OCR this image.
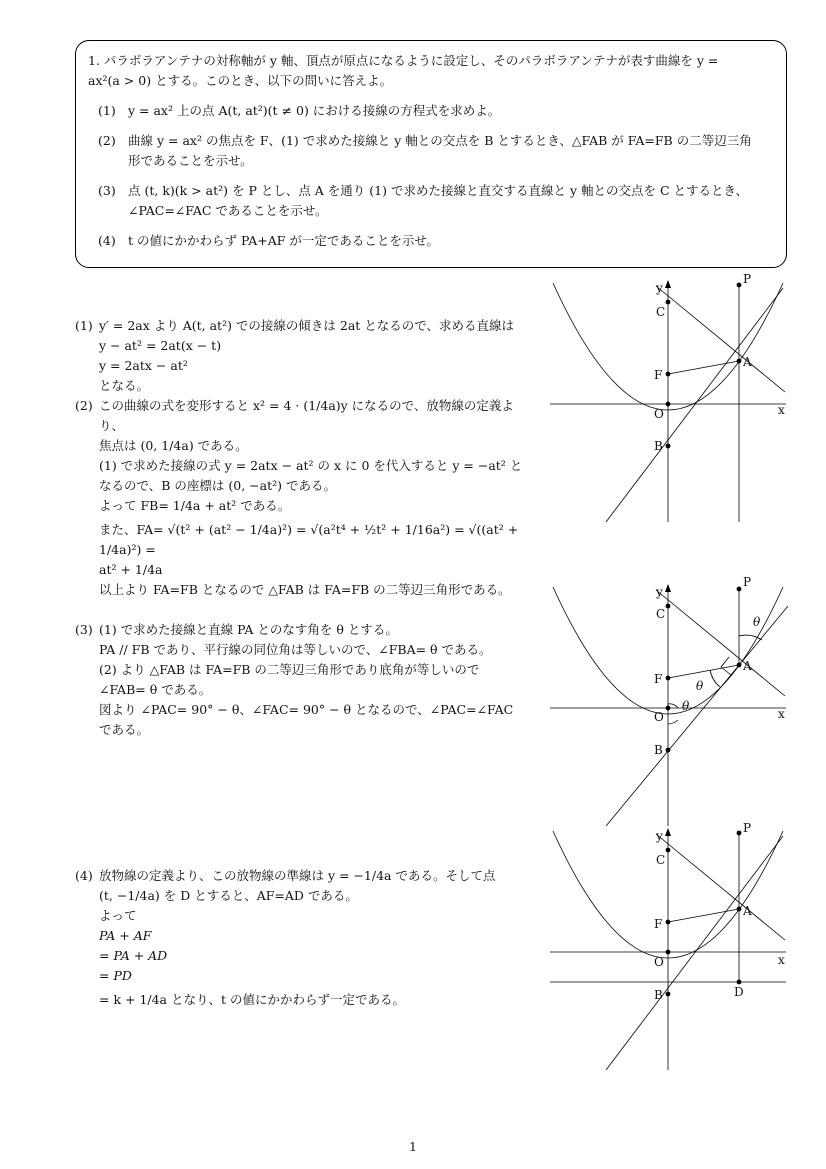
1. パラボラアンテナの対称軸が y 軸、頂点が原点になるように設定し、そのパラボラアンテナが表す曲線を y =
ax²(a > 0) とする。このとき、以下の問いに答えよ。
(1) y = ax² 上の点 A(t, at²)(t ≠ 0) における接線の方程式を求めよ。
(2) 曲線 y = ax² の焦点を F、(1) で求めた接線と y 軸との交点を B とするとき、△FAB が FA=FB の二等辺三角
形であることを示せ。
(3) 点 (t, k)(k > at²) を P とし、点 A を通り (1) で求めた接線と直交する直線と y 軸との交点を C とするとき、
∠PAC=∠FAC であることを示せ。
(4) t の値にかかわらず PA+AF が一定であることを示せ。
(1) y′ = 2ax より A(t, at²) での接線の傾きは 2at となるので、求める直線は
y − at² = 2at(x − t)
y = 2atx − at²
となる。
(2) この曲線の式を変形すると x² = 4 · (1/4a)y になるので、放物線の定義より、
焦点は (0, 1/4a) である。
(1) で求めた接線の式 y = 2atx − at² の x に 0 を代入すると y = −at² と
なるので、B の座標は (0, −at²) である。
よって FB= 1/4a + at² である。
また、FA= √(t² + (at² − 1/4a)²) = √(a²t⁴ + ½t² + 1/16a²) = √((at² + 1/4a)²) =
at² + 1/4a
以上より FA=FB となるので △FAB は FA=FB の二等辺三角形である。
(3) (1) で求めた接線と直線 PA とのなす角を θ とする。
PA // FB であり、平行線の同位角は等しいので、∠FBA= θ である。
(2) より △FAB は FA=FB の二等辺三角形であり底角が等しいので
∠FAB= θ である。
図より ∠PAC= 90° − θ、∠FAC= 90° − θ となるので、∠PAC=∠FAC
である。
(4) 放物線の定義より、この放物線の準線は y = −1/4a である。そして点
(t, −1/4a) を D とすると、AF=AD である。
よって
PA + AF
= PA + AD
= PD
= k + 1/4a となり、t の値にかかわらず一定である。
y
C
F
O
B
A
P
x
y
C
F
O
B
A
P
x
θ
θ
θ
y
C
F
O
B
A
P
D
x
1
